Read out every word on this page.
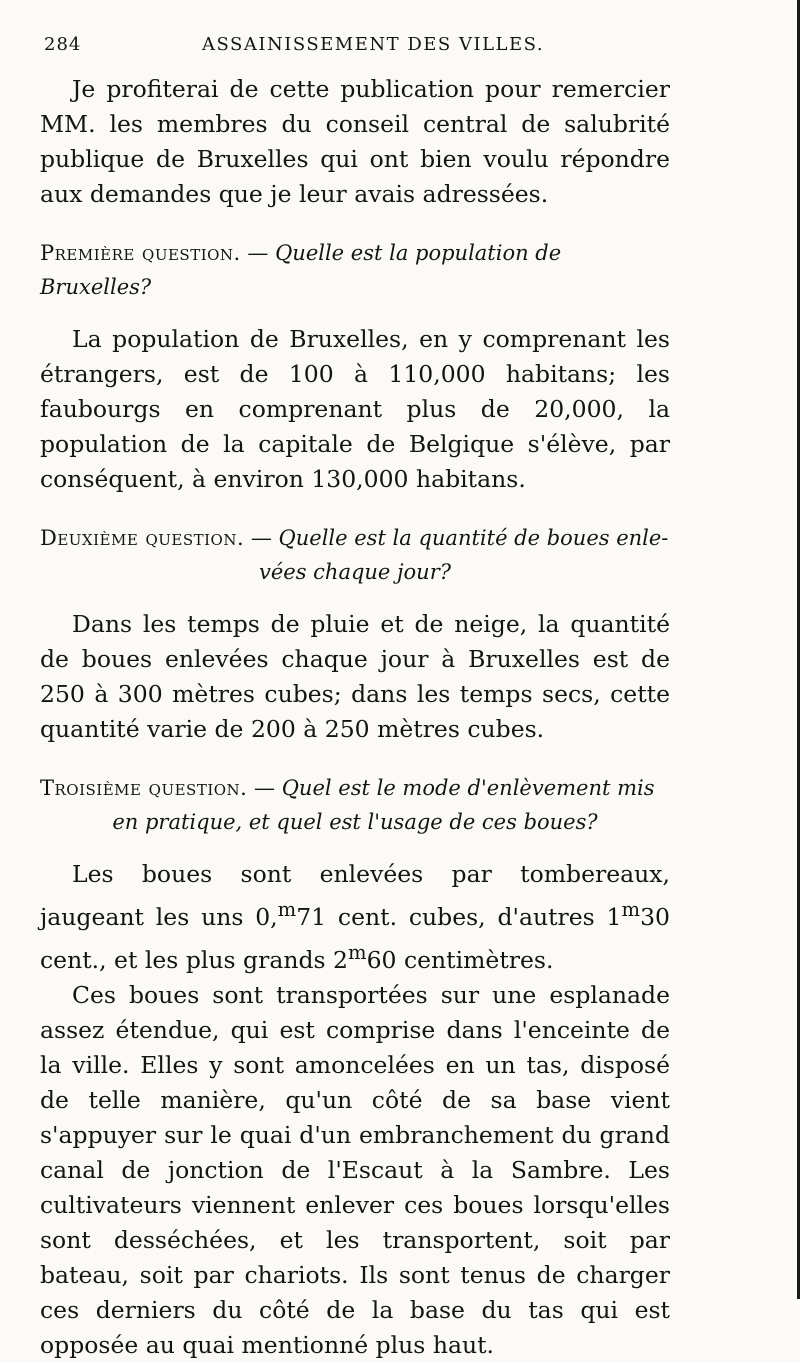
284	ASSAINISSEMENT DES VILLES.

Je profiterai de cette publication pour remercier MM. les membres du conseil central de salubrité publique de Bruxelles qui ont bien voulu répondre aux demandes que je leur avais adressées.

Première question. — Quelle est la population de Bruxelles?

La population de Bruxelles, en y comprenant les étrangers, est de 100 à 110,000 habitans; les faubourgs en comprenant plus de 20,000, la population de la capitale de Belgique s'élève, par conséquent, à environ 130,000 habitans.

Deuxième question. — Quelle est la quantité de boues enle-
vées chaque jour?

Dans les temps de pluie et de neige, la quantité de boues enlevées chaque jour à Bruxelles est de 250 à 300 mètres cubes; dans les temps secs, cette quantité varie de 200 à 250 mètres cubes.

Troisième question. — Quel est le mode d'enlèvement mis
en pratique, et quel est l'usage de ces boues?

Les boues sont enlevées par tombereaux, jaugeant les uns 0,$^m$71 cent. cubes, d'autres 1$^m$30 cent., et les plus grands 2$^m$60 centimètres.

Ces boues sont transportées sur une esplanade assez étendue, qui est comprise dans l'enceinte de la ville. Elles y sont amoncelées en un tas, disposé de telle manière, qu'un côté de sa base vient s'appuyer sur le quai d'un embranchement du grand canal de jonction de l'Escaut à la Sambre. Les cultivateurs viennent enlever ces boues lorsqu'elles sont desséchées, et les transportent, soit par bateau, soit par chariots. Ils sont tenus de charger ces derniers du côté de la base du tas qui est opposée au quai mentionné plus haut.
